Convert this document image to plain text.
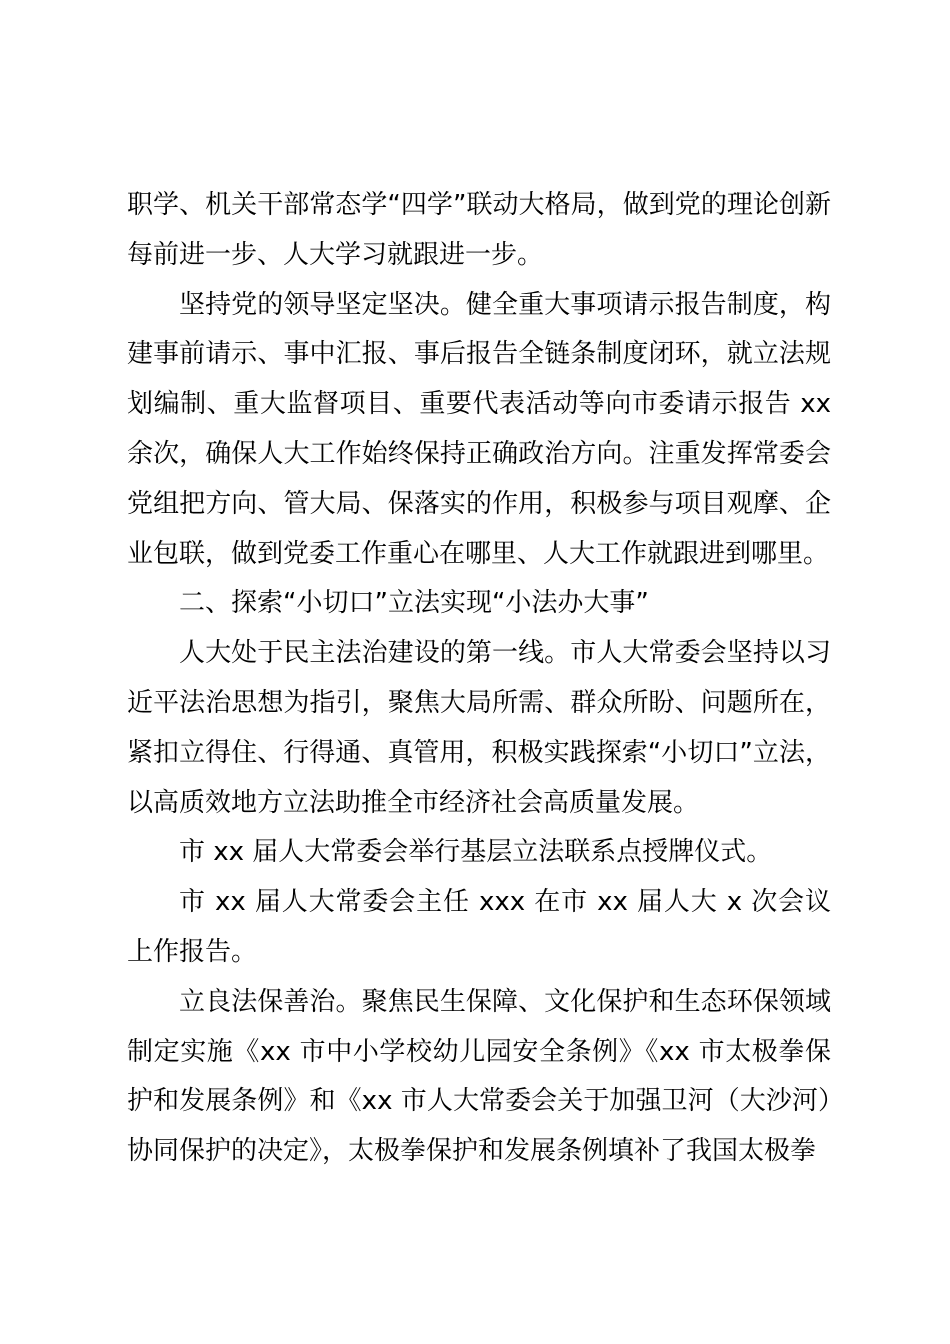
职学、机关干部常态学“四学”联动大格局，做到党的理论创新每前进一步、人大学习就跟进一步。

坚持党的领导坚定坚决。健全重大事项请示报告制度，构建事前请示、事中汇报、事后报告全链条制度闭环，就立法规划编制、重大监督项目、重要代表活动等向市委请示报告 xx 余次，确保人大工作始终保持正确政治方向。注重发挥常委会党组把方向、管大局、保落实的作用，积极参与项目观摩、企业包联，做到党委工作重心在哪里、人大工作就跟进到哪里。

二、探索“小切口”立法实现“小法办大事”

人大处于民主法治建设的第一线。市人大常委会坚持以习近平法治思想为指引，聚焦大局所需、群众所盼、问题所在，紧扣立得住、行得通、真管用，积极实践探索“小切口”立法，以高质效地方立法助推全市经济社会高质量发展。

市 xx 届人大常委会举行基层立法联系点授牌仪式。

市 xx 届人大常委会主任 xxx 在市 xx 届人大 x 次会议上作报告。

立良法保善治。聚焦民生保障、文化保护和生态环保领域制定实施《xx 市中小学校幼儿园安全条例》《xx 市太极拳保护和发展条例》和《xx 市人大常委会关于加强卫河（大沙河）协同保护的决定》，太极拳保护和发展条例填补了我国太极拳
